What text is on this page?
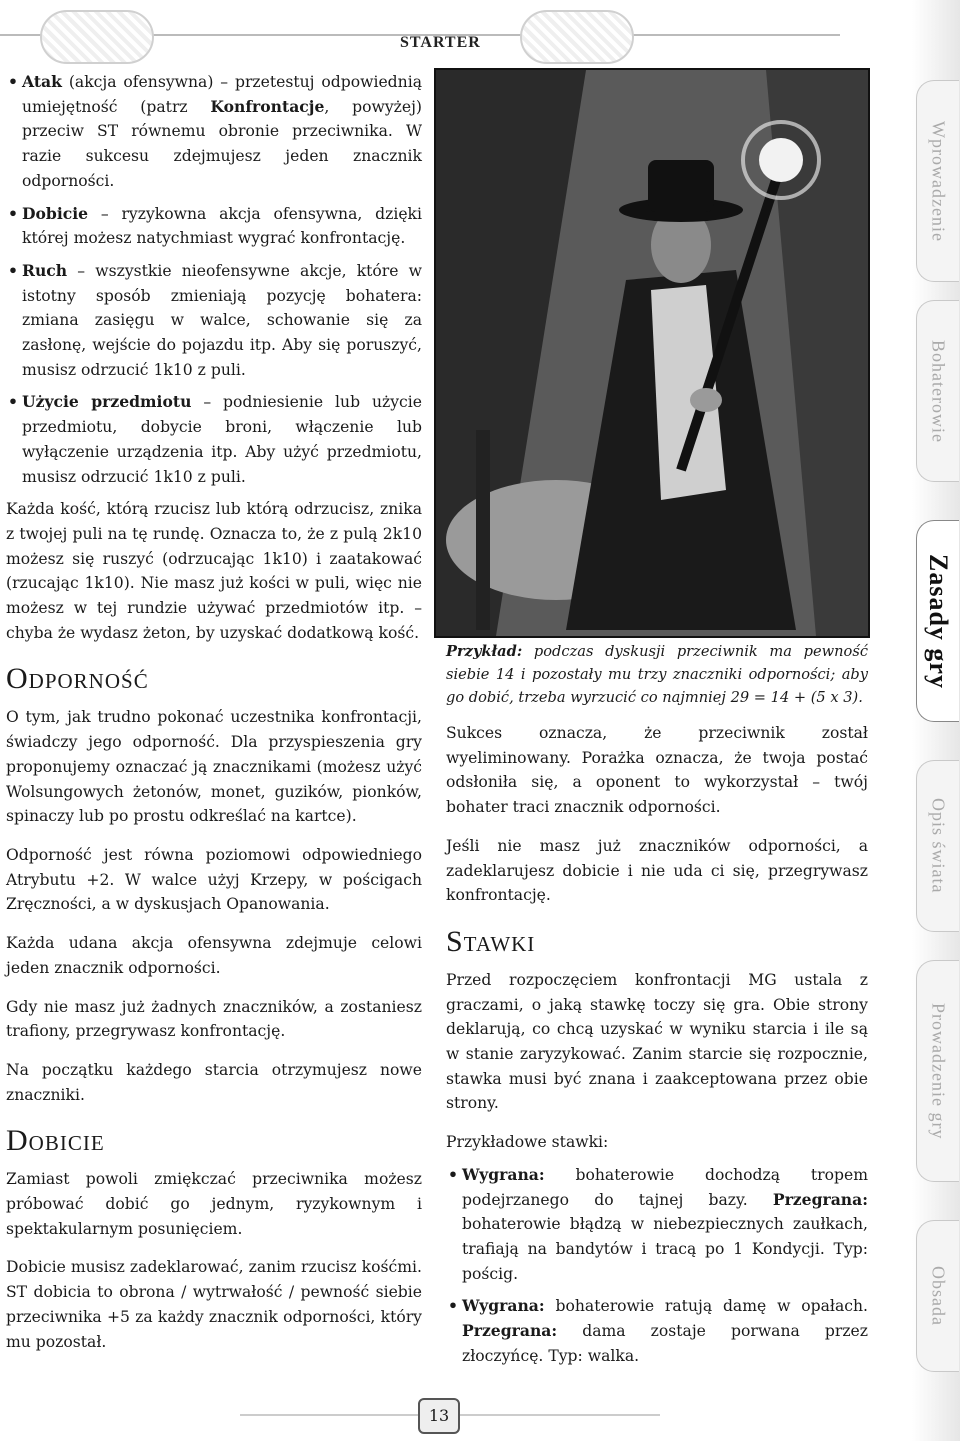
STARTER
• Atak (akcja ofensywna) – przetestuj odpowiednią umiejętność (patrz Konfrontacje, powyżej) przeciw ST równemu obronie przeciwnika. W razie sukcesu zdejmujesz jeden znacznik odporności.
• Dobicie – ryzykowna akcja ofensywna, dzięki której możesz natychmiast wygrać konfrontację.
• Ruch – wszystkie nieofensywne akcje, które w istotny sposób zmieniają pozycję bohatera: zmiana zasięgu w walce, schowanie się za zasłonę, wejście do pojazdu itp. Aby się poruszyć, musisz odrzucić 1k10 z puli.
• Użycie przedmiotu – podniesienie lub użycie przedmiotu, dobycie broni, włączenie lub wyłączenie urządzenia itp. Aby użyć przedmiotu, musisz odrzucić 1k10 z puli.

Każda kość, którą rzucisz lub którą odrzucisz, znika z twojej puli na tę rundę. Oznacza to, że z pulą 2k10 możesz się ruszyć (odrzucając 1k10) i zaatakować (rzucając 1k10). Nie masz już kości w puli, więc nie możesz w tej rundzie używać przedmiotów itp. – chyba że wydasz żeton, by uzyskać dodatkową kość.

Odporność

O tym, jak trudno pokonać uczestnika konfrontacji, świadczy jego odporność. Dla przyspieszenia gry proponujemy oznaczać ją znacznikami (możesz użyć Wolsungowych żetonów, monet, guzików, pionków, spinaczy lub po prostu odkreślać na kartce).

Odporność jest równa poziomowi odpowiedniego Atrybutu +2. W walce użyj Krzepy, w pościgach Zręczności, a w dyskusjach Opanowania.

Każda udana akcja ofensywna zdejmuje celowi jeden znacznik odporności.

Gdy nie masz już żadnych znaczników, a zostaniesz trafiony, przegrywasz konfrontację.

Na początku każdego starcia otrzymujesz nowe znaczniki.

Dobicie

Zamiast powoli zmiękczać przeciwnika możesz próbować dobić go jednym, ryzykownym i spektakularnym posunięciem.

Dobicie musisz zadeklarować, zanim rzucisz kośćmi. ST dobicia to obrona / wytrwałość / pewność siebie przeciwnika +5 za każdy znacznik odporności, który mu pozostał.

Przykład: podczas dyskusji przeciwnik ma pewność siebie 14 i pozostały mu trzy znaczniki odporności; aby go dobić, trzeba wyrzucić co najmniej 29 = 14 + (5 x 3).

Sukces oznacza, że przeciwnik został wyeliminowany. Porażka oznacza, że twoja postać odsłoniła się, a oponent to wykorzystał – twój bohater traci znacznik odporności.

Jeśli nie masz już znaczników odporności, a zadeklarujesz dobicie i nie uda ci się, przegrywasz konfrontację.

Stawki

Przed rozpoczęciem konfrontacji MG ustala z graczami, o jaką stawkę toczy się gra. Obie strony deklarują, co chcą uzyskać w wyniku starcia i ile są w stanie zaryzykować. Zanim starcie się rozpocznie, stawka musi być znana i zaakceptowana przez obie strony.

Przykładowe stawki:

• Wygrana: bohaterowie dochodzą tropem podejrzanego do tajnej bazy. Przegrana: bohaterowie błądzą w niebezpiecznych zaułkach, trafiają na bandytów i tracą po 1 Kondycji. Typ: pościg.
• Wygrana: bohaterowie ratują damę w opałach. Przegrana: dama zostaje porwana przez złoczyńcę. Typ: walka.
Wprowadzenie
Bohaterowie
Zasady gry
Opis świata
Prowadzenie gry
Obsada
13
